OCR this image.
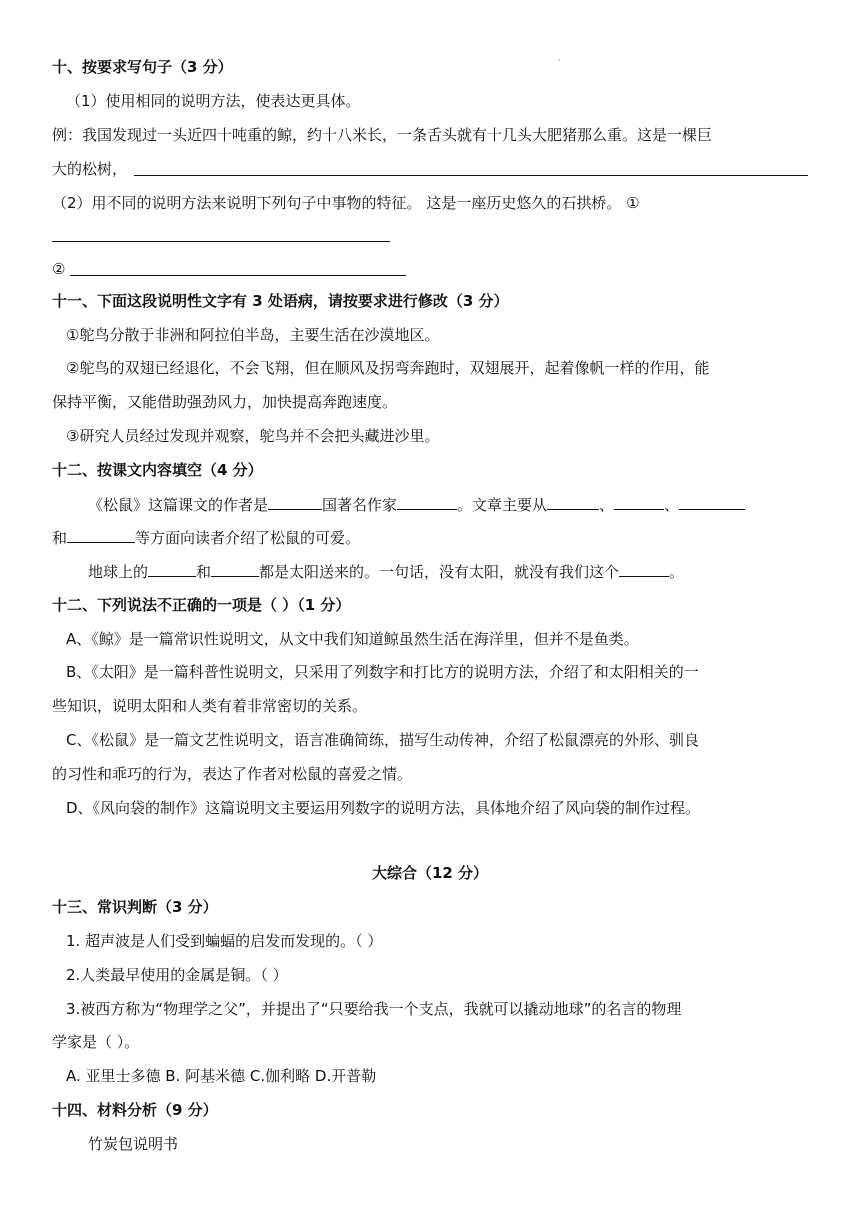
·
十、按要求写句子（3 分）
（1）使用相同的说明方法，使表达更具体。
例：我国发现过一头近四十吨重的鲸，约十八米长，一条舌头就有十几头大肥猪那么重。这是一棵巨
大的松树，
（2）用不同的说明方法来说明下列句子中事物的特征。 这是一座历史悠久的石拱桥。 ①
②
十一、下面这段说明性文字有 3 处语病，请按要求进行修改（3 分）
①鸵鸟分散于非洲和阿拉伯半岛，主要生活在沙漠地区。
②鸵鸟的双翅已经退化，不会飞翔，但在顺风及拐弯奔跑时，双翅展开，起着像帆一样的作用，能
保持平衡，又能借助强劲风力，加快提高奔跑速度。
③研究人员经过发现并观察，鸵鸟并不会把头藏进沙里。
十二、按课文内容填空（4 分）
《松鼠》这篇课文的作者是	国著名作家	。文章主要从	、	、
和	等方面向读者介绍了松鼠的可爱。
地球上的	和	都是太阳送来的。一句话，没有太阳，就没有我们这个	。
十二、下列说法不正确的一项是（ ）（1 分）
A、《鲸》是一篇常识性说明文，从文中我们知道鲸虽然生活在海洋里，但并不是鱼类。
B、《太阳》是一篇科普性说明文，只采用了列数字和打比方的说明方法，介绍了和太阳相关的一
些知识，说明太阳和人类有着非常密切的关系。
C、《松鼠》是一篇文艺性说明文，语言准确简练，描写生动传神，介绍了松鼠漂亮的外形、驯良
的习性和乖巧的行为，表达了作者对松鼠的喜爱之情。
D、《风向袋的制作》这篇说明文主要运用列数字的说明方法，具体地介绍了风向袋的制作过程。
大综合（12 分）
十三、常识判断（3 分）
1. 超声波是人们受到蝙蝠的启发而发现的。（ ）
2.人类最早使用的金属是铜。（ ）
3.被西方称为“物理学之父”，并提出了“只要给我一个支点，我就可以撬动地球”的名言的物理
学家是（ ）。
A. 亚里士多德 B. 阿基米德 C.伽利略 D.开普勒
十四、材料分析（9 分）
竹炭包说明书
